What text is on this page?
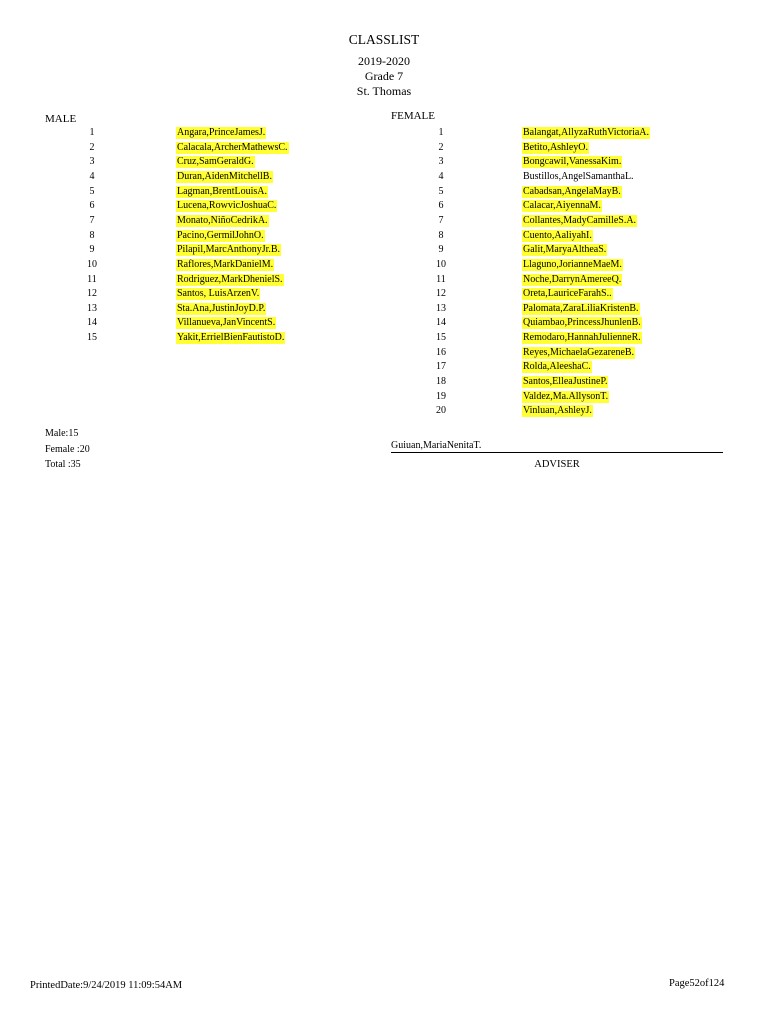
CLASSLIST
2019-2020
Grade 7
St. Thomas
MALE	FEMALE
1	Angara,PrinceJamesJ.
2	Calacala,ArcherMathewsC.
3	Cruz,SamGeraldG.
4	Duran,AidenMitchellB.
5	Lagman,BrentLouisA.
6	Lucena,RowvicJoshuaC.
7	Monato,NiñoCedrikA.
8	Pacino,GermilJohnO.
9	Pilapil,MarcAnthonyJr.B.
10	Raflores,MarkDanielM.
11	Rodriguez,MarkDhenielS.
12	Santos, LuisArzenV.
13	Sta.Ana,JustinJoyD.P.
14	Villanueva,JanVincentS.
15	Yakit,ErrielBienFautistoD.
1	Balangat,AllyzaRuthVictoriaA.
2	Betito,AshleyO.
3	Bongcawil,VanessaKim.
4	Bustillos,AngelSamanthaL.
5	Cabadsan,AngelaMayB.
6	Calacar,AiyennaM.
7	Collantes,MadyCamilleS.A.
8	Cuento,AaliyahI.
9	Galit,MaryaAltheaS.
10	Llaguno,JorianneMaeM.
11	Noche,DarrynAmereeQ.
12	Oreta,LauriceFarahS..
13	Palomata,ZaraLiliaKristenB.
14	Quiambao,PrincessJhunlenB.
15	Remodaro,HannahJulienneR.
16	Reyes,MichaelaGezareneB.
17	Rolda,AleeshaC.
18	Santos,ElleaJustineP.
19	Valdez,Ma.AllysonT.
20	Vinluan,AshleyJ.
Male:15
Female :20
Total :35
Guiuan,MariaNenitaT.
ADVISER
PrintedDate:9/24/2019 11:09:54AM	Page52of124
